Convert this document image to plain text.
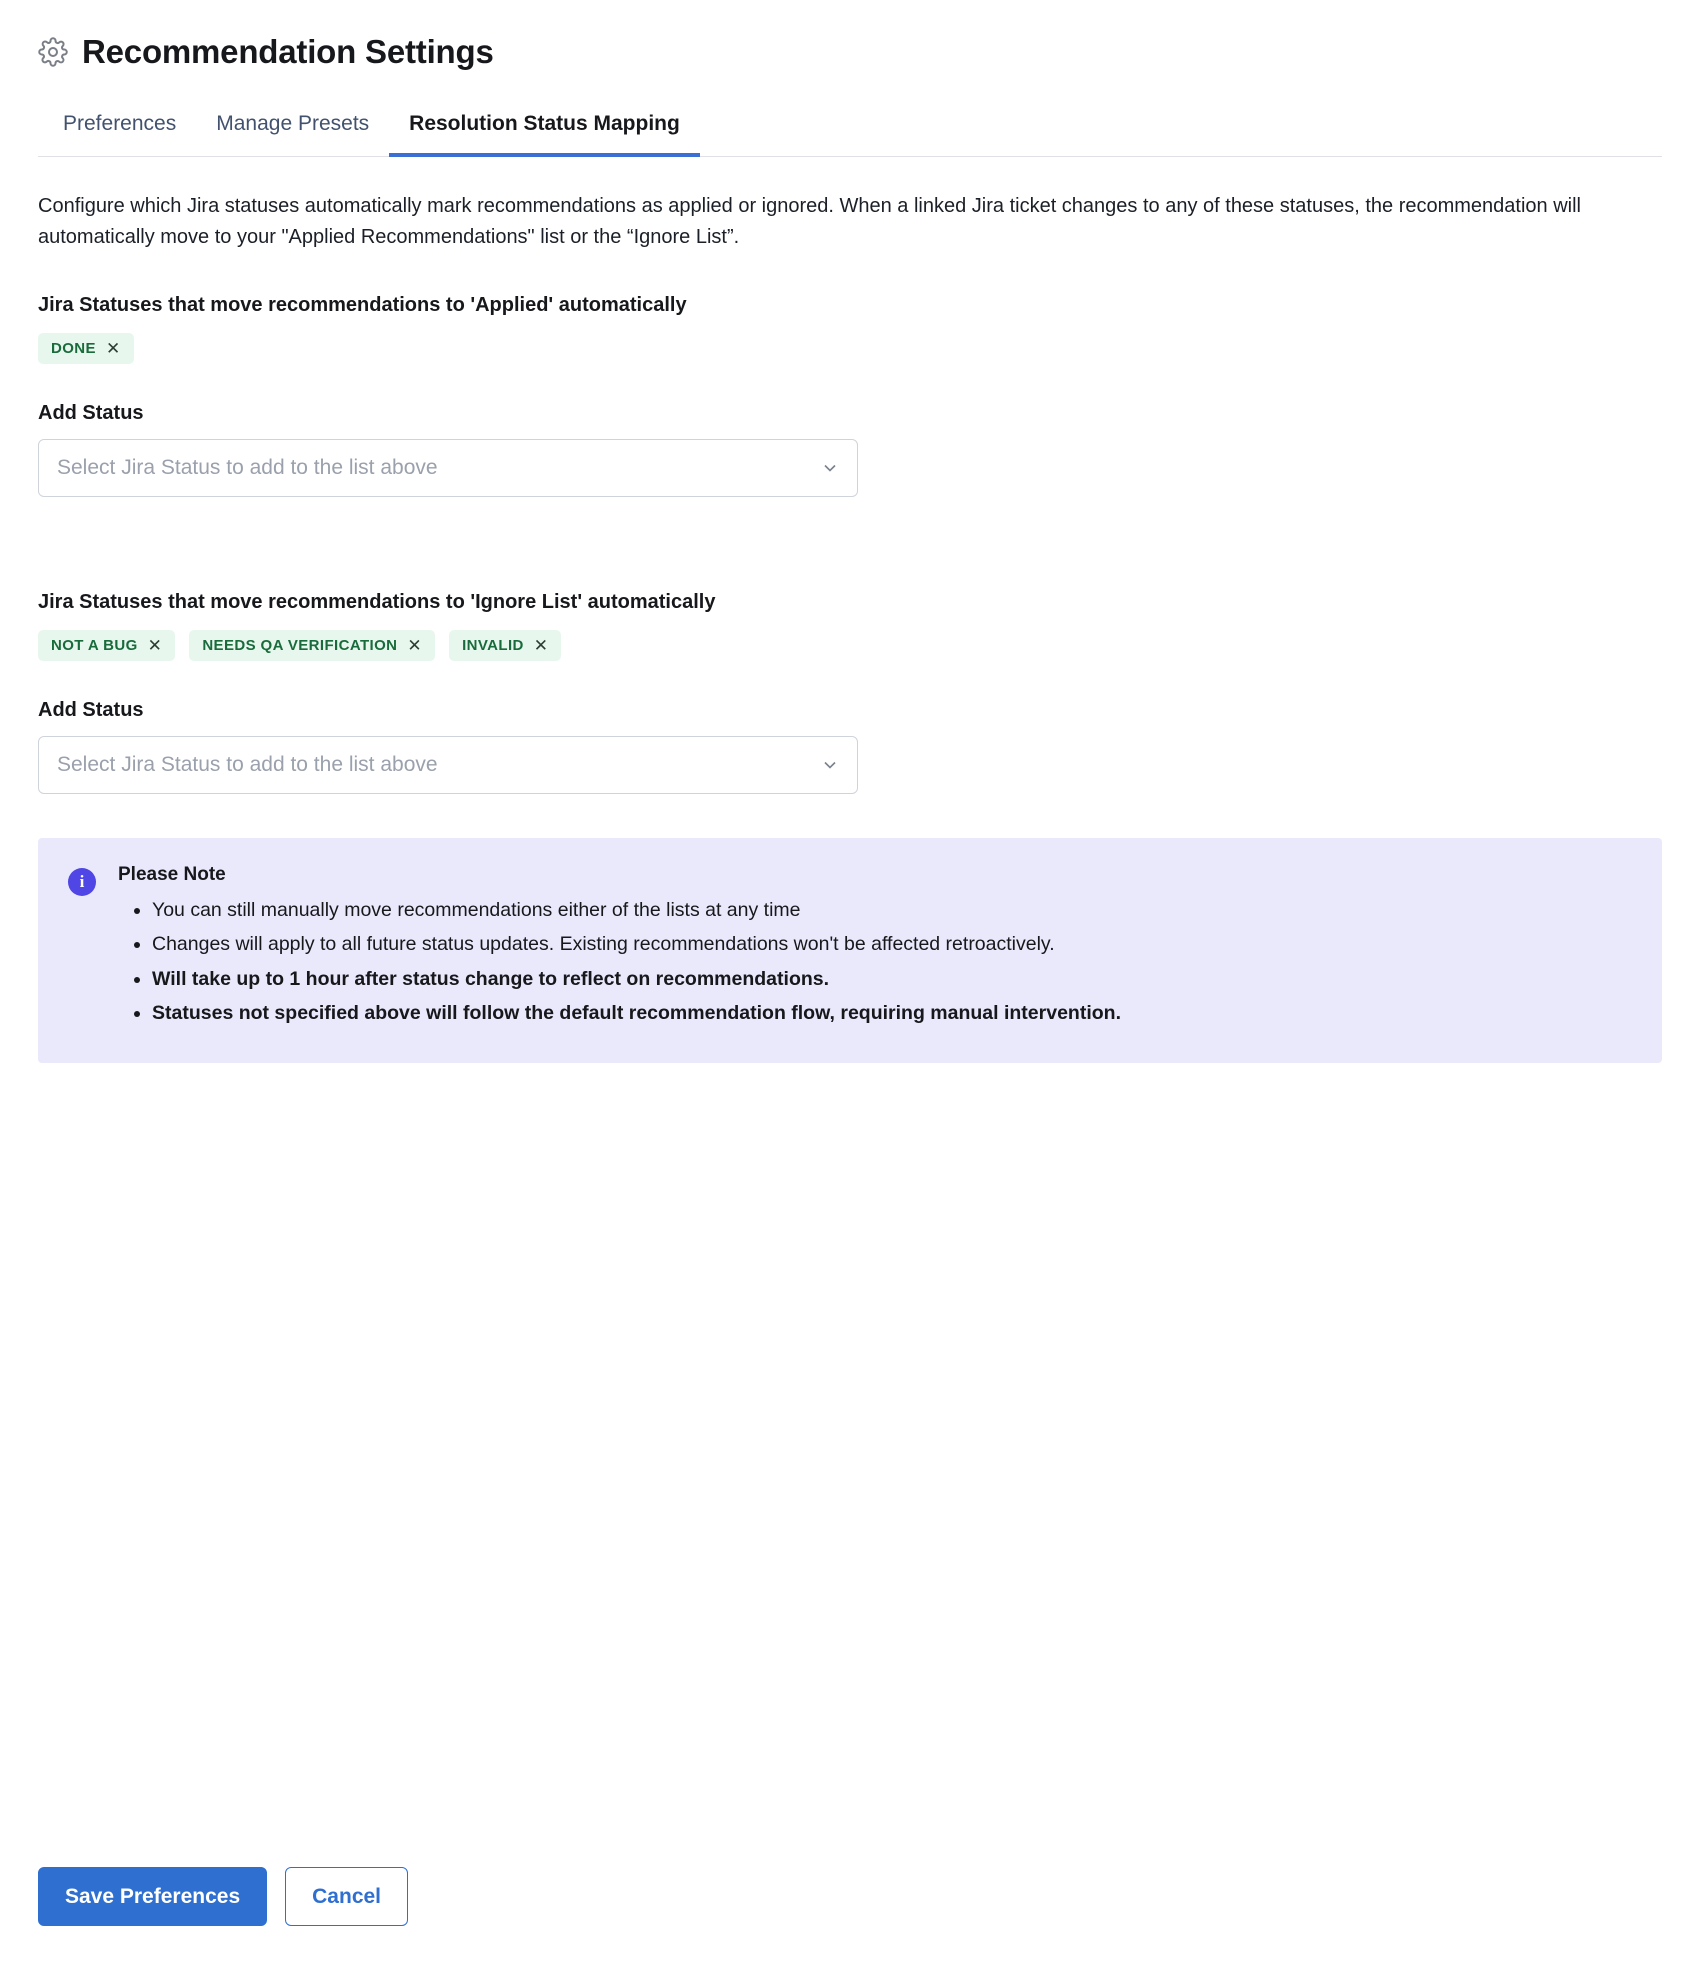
Recommendation Settings
Preferences	Manage Presets	Resolution Status Mapping
Configure which Jira statuses automatically mark recommendations as applied or ignored. When a linked Jira ticket changes to any of these statuses, the recommendation will automatically move to your "Applied Recommendations" list or the “Ignore List”.
Jira Statuses that move recommendations to 'Applied' automatically
DONE ✕
Add Status
Select Jira Status to add to the list above
Jira Statuses that move recommendations to 'Ignore List' automatically
NOT A BUG ✕	NEEDS QA VERIFICATION ✕	INVALID ✕
Add Status
Select Jira Status to add to the list above
i	Please Note
• You can still manually move recommendations either of the lists at any time
• Changes will apply to all future status updates. Existing recommendations won't be affected retroactively.
• Will take up to 1 hour after status change to reflect on recommendations.
• Statuses not specified above will follow the default recommendation flow, requiring manual intervention.
Save Preferences	Cancel
